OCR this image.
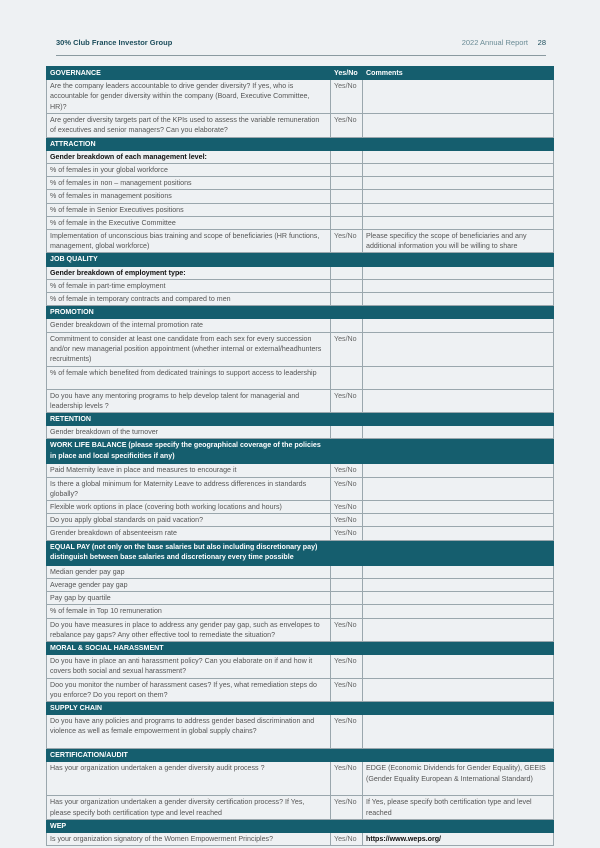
30% Club France Investor Group	2022 Annual Report 28
GOVERNANCE	Yes/No	Comments
Are the company leaders accountable to drive gender diversity? If yes, who is accountable for gender diversity within the company (Board, Executive Committee, HR)?	Yes/No	
Are gender diversity targets part of the KPIs used to assess the variable remuneration of executives and senior managers? Can you elaborate?	Yes/No	
ATTRACTION		
Gender breakdown of each management level:		
% of females in your global workforce		
% of females in non – management positions		
% of females in management positions		
% of female in Senior Executives positions		
% of female in the Executive Committee		
Implementation of unconscious bias training and scope of beneficiaries (HR functions, management, global workforce)	Yes/No	Please specificy the scope of beneficiaries and any additional information you will be willing to share
JOB QUALITY		
Gender breakdown of employment type:		
% of female in part-time employment		
% of female in temporary contracts and compared to men		
PROMOTION		
Gender breakdown of the internal promotion rate		
Commitment to consider at least one candidate from each sex for every succession and/or new managerial position appointment (whether internal or external/headhunters recruitments)	Yes/No	
% of female which benefited from dedicated trainings to support access to leadership		
Do you have any mentoring programs to help develop talent for managerial and leadership levels ?	Yes/No	
RETENTION		
Gender breakdown of the turnover		
WORK LIFE BALANCE (please specify the geographical coverage of the policies in place and local specificities if any)		
Paid Maternity leave in place and measures to encourage it	Yes/No	
Is there a global minimum for Maternity Leave to address differences in standards globally?	Yes/No	
Flexible work options in place (covering both working locations and hours)	Yes/No	
Do you apply global standards on paid vacation?	Yes/No	
Grender breakdown of absenteeism rate	Yes/No	
EQUAL PAY (not only on the base salaries but also including discretionary pay) distinguish between base salaries and discretionary every time possible		
Median gender pay gap		
Average gender pay gap		
Pay gap by quartile		
% of female in Top 10 remuneration		
Do you have measures in place to address any gender pay gap, such as envelopes to rebalance pay gaps? Any other effective tool to remediate the situation?	Yes/No	
MORAL & SOCIAL HARASSMENT		
Do you have in place an anti harassment policy? Can you elaborate on if and how it covers both social and sexual harassment?	Yes/No	
Doo you monitor the number of harassment cases? If yes, what remediation steps do you enforce? Do you report on them?	Yes/No	
SUPPLY CHAIN		
Do you have any policies and programs to address gender based discrimination and violence as well as female empowerment in global supply chains?	Yes/No	
CERTIFICATION/AUDIT		
Has your organization undertaken a gender diversity audit process ?	Yes/No	EDGE (Economic Dividends for Gender Equality), GEEIS (Gender Equality European & International Standard)
Has your organization undertaken a gender diversity certification process? If Yes, please specify both certification type and level reached	Yes/No	If Yes, please specify both certification type and level reached
WEP		
Is your organization signatory of the Women Empowerment Principles?	Yes/No	https://www.weps.org/
